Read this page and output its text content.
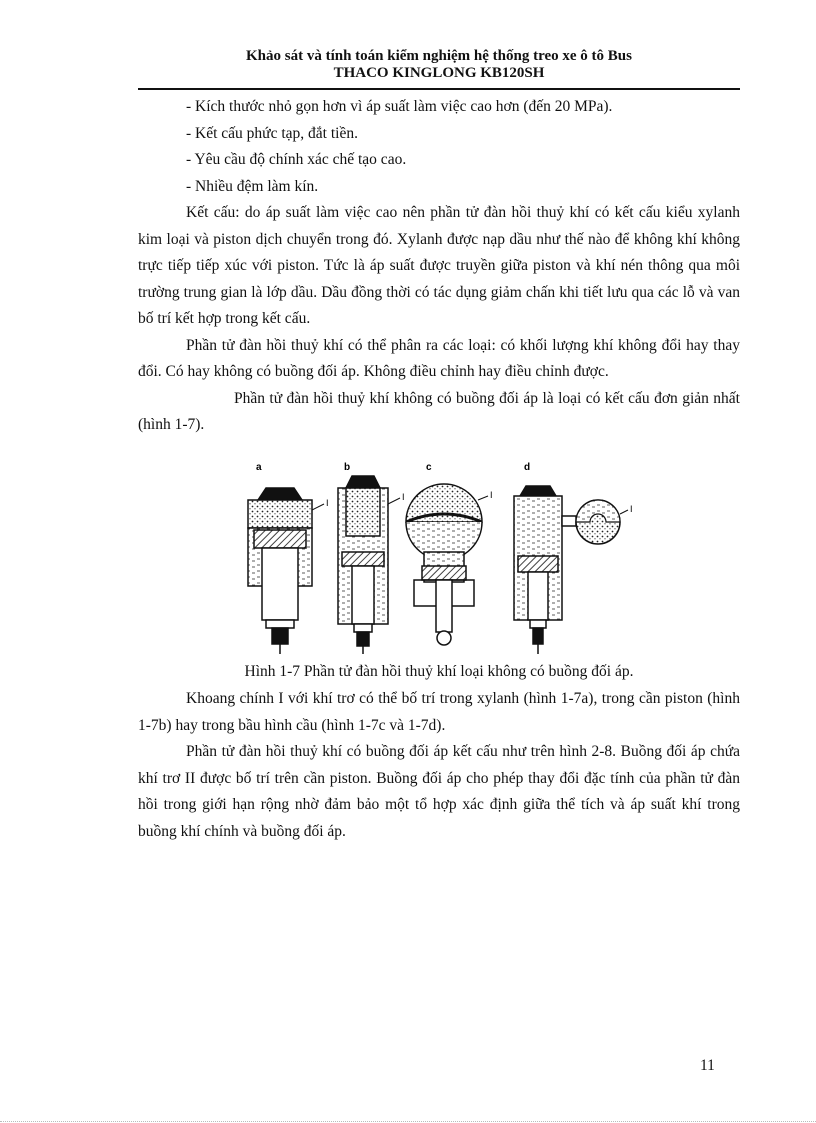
Khảo sát và tính toán kiểm nghiệm hệ thống treo xe ô tô Bus
THACO KINGLONG KB120SH

- Kích thước nhỏ gọn hơn vì áp suất làm việc cao hơn (đến 20 MPa).

- Kết cấu phức tạp, đắt tiền.

- Yêu cầu độ chính xác chế tạo cao.

- Nhiều đệm làm kín.

Kết cấu: do áp suất làm việc cao nên phần tử đàn hồi thuỷ khí có kết cấu kiểu xylanh kim loại và piston dịch chuyển trong đó. Xylanh được nạp dầu như thế nào để không khí không trực tiếp tiếp xúc với piston. Tức là áp suất được truyền giữa piston và khí nén thông qua môi trường trung gian là lớp dầu. Dầu đồng thời có tác dụng giảm chấn khi tiết lưu qua các lỗ và van bố trí kết hợp trong kết cấu.

Phần tử đàn hồi thuỷ khí có thể phân ra các loại: có khối lượng khí không đổi hay thay đổi. Có hay không có buồng đối áp. Không điều chỉnh hay điều chỉnh được.

Phần tử đàn hồi thuỷ khí không có buồng đối áp là loại có kết cấu đơn giản nhất (hình 1-7).

a	b	c	d
I
I	I
I
Hình 1-7 Phần tử đàn hồi thuỷ khí loại không có buồng đối áp.

Khoang chính I với khí trơ có thể bố trí trong xylanh (hình 1-7a), trong cần piston (hình 1-7b) hay trong bầu hình cầu (hình 1-7c và 1-7d).

Phần tử đàn hồi thuỷ khí có buồng đối áp kết cấu như trên hình 2-8. Buồng đối áp chứa khí trơ II được bố trí trên cần piston. Buồng đối áp cho phép thay đổi đặc tính của phần tử đàn hồi trong giới hạn rộng nhờ đảm bảo một tổ hợp xác định giữa thể tích và áp suất khí trong buồng khí chính và buồng đối áp.

11
